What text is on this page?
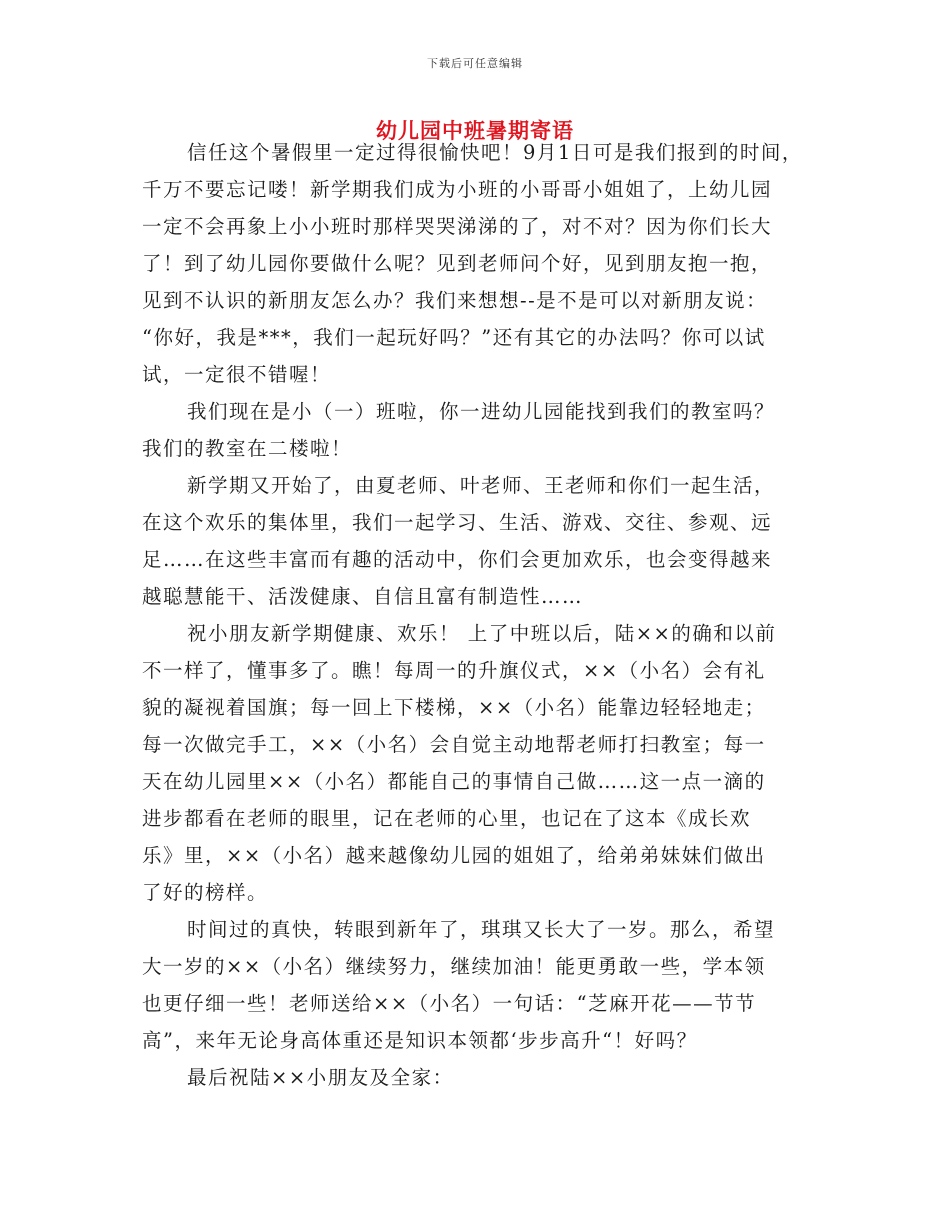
下载后可任意编辑
幼儿园中班暑期寄语
信任这个暑假里一定过得很愉快吧！9月1日可是我们报到的时间，
千万不要忘记喽！新学期我们成为小班的小哥哥小姐姐了，上幼儿园
一定不会再象上小小班时那样哭哭涕涕的了，对不对？因为你们长大
了！到了幼儿园你要做什么呢？见到老师问个好，见到朋友抱一抱，
见到不认识的新朋友怎么办？我们来想想--是不是可以对新朋友说：
“你好，我是***，我们一起玩好吗？”还有其它的办法吗？你可以试
试，一定很不错喔！
我们现在是小（一）班啦，你一进幼儿园能找到我们的教室吗？
我们的教室在二楼啦！
新学期又开始了，由夏老师、叶老师、王老师和你们一起生活，
在这个欢乐的集体里，我们一起学习、生活、游戏、交往、参观、远
足……在这些丰富而有趣的活动中，你们会更加欢乐，也会变得越来
越聪慧能干、活泼健康、自信且富有制造性……
祝小朋友新学期健康、欢乐！ 上了中班以后，陆××的确和以前
不一样了，懂事多了。瞧！每周一的升旗仪式，××（小名）会有礼
貌的凝视着国旗；每一回上下楼梯，××（小名）能靠边轻轻地走；
每一次做完手工，××（小名）会自觉主动地帮老师打扫教室；每一
天在幼儿园里××（小名）都能自己的事情自己做……这一点一滴的
进步都看在老师的眼里，记在老师的心里，也记在了这本《成长欢
乐》里，××（小名）越来越像幼儿园的姐姐了，给弟弟妹妹们做出
了好的榜样。
时间过的真快，转眼到新年了，琪琪又长大了一岁。那么，希望
大一岁的××（小名）继续努力，继续加油！能更勇敢一些，学本领
也更仔细一些！老师送给××（小名）一句话：“芝麻开花——节节
高”，来年无论身高体重还是知识本领都‘步步高升“！好吗？
最后祝陆××小朋友及全家：
